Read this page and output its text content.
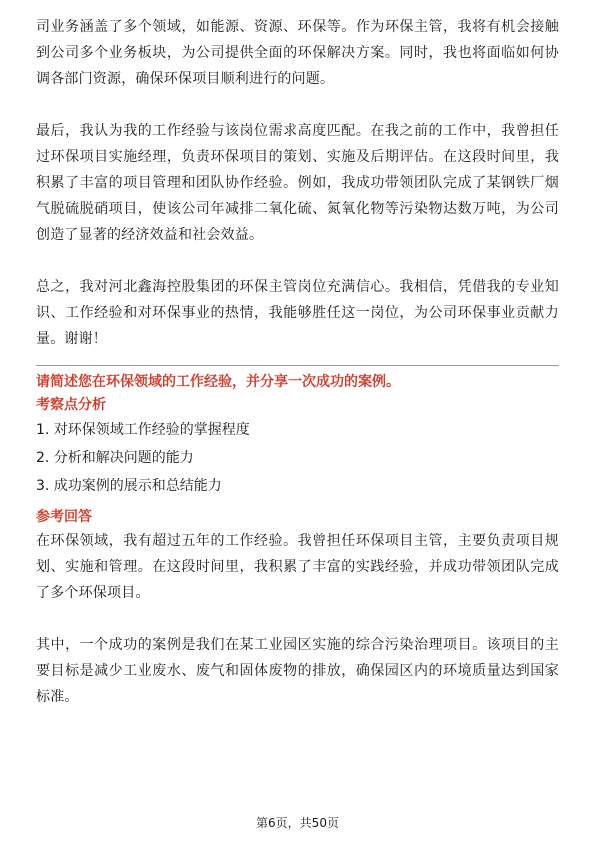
司业务涵盖了多个领域，如能源、资源、环保等。作为环保主管，我将有机会接触到公司多个业务板块，为公司提供全面的环保解决方案。同时，我也将面临如何协调各部门资源，确保环保项目顺利进行的问题。

最后，我认为我的工作经验与该岗位需求高度匹配。在我之前的工作中，我曾担任过环保项目实施经理，负责环保项目的策划、实施及后期评估。在这段时间里，我积累了丰富的项目管理和团队协作经验。例如，我成功带领团队完成了某钢铁厂烟气脱硫脱硝项目，使该公司年减排二氧化硫、氮氧化物等污染物达数万吨，为公司创造了显著的经济效益和社会效益。

总之，我对河北鑫海控股集团的环保主管岗位充满信心。我相信，凭借我的专业知识、工作经验和对环保事业的热情，我能够胜任这一岗位，为公司环保事业贡献力量。谢谢！

请简述您在环保领域的工作经验，并分享一次成功的案例。

考察点分析

1. 对环保领域工作经验的掌握程度
2. 分析和解决问题的能力
3. 成功案例的展示和总结能力

参考回答

在环保领域，我有超过五年的工作经验。我曾担任环保项目主管，主要负责项目规划、实施和管理。在这段时间里，我积累了丰富的实践经验，并成功带领团队完成了多个环保项目。

其中，一个成功的案例是我们在某工业园区实施的综合污染治理项目。该项目的主要目标是减少工业废水、废气和固体废物的排放，确保园区内的环境质量达到国家标准。

第6页，共50页
